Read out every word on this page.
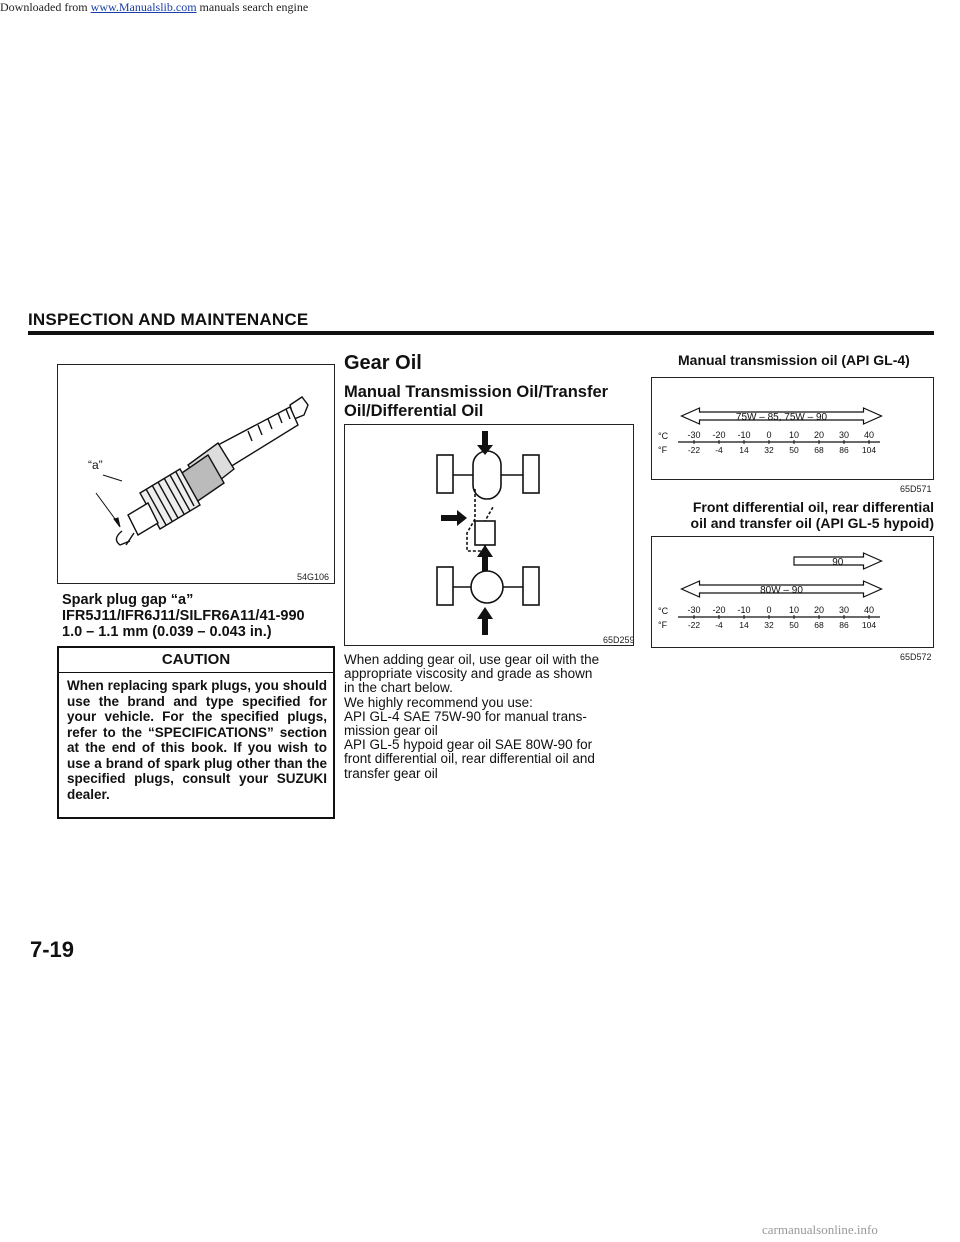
Downloaded from www.Manualslib.com manuals search engine
INSPECTION AND MAINTENANCE
“a”
54G106
Spark plug gap “a”
IFR5J11/IFR6J11/SILFR6A11/41-990
1.0 – 1.1 mm (0.039 – 0.043 in.)
CAUTION
When replacing spark plugs, you should use the brand and type specified for your vehicle. For the specified plugs, refer to the “SPECIFICATIONS” section at the end of this book. If you wish to use a brand of spark plug other than the specified plugs, consult your SUZUKI dealer.
Gear Oil
Manual Transmission Oil/Transfer Oil/Differential Oil
65D259
When adding gear oil, use gear oil with the
appropriate viscosity and grade as shown
in the chart below.
We highly recommend you use:
API GL-4 SAE 75W-90 for manual trans-
mission gear oil
API GL-5 hypoid gear oil SAE 80W-90 for
front differential oil, rear differential oil and
transfer gear oil
Manual transmission oil (API GL-4)
75W – 85, 75W – 90
°C
°F
-30
-22
-20
-4
-10
14
0
32
10
50
20
68
30
86
40
104
65D571
Front differential oil, rear differential
oil and transfer oil (API GL-5 hypoid)
90
80W – 90
°C
°F
-30
-22
-20
-4
-10
14
0
32
10
50
20
68
30
86
40
104
65D572
7-19
carmanualsonline.info
